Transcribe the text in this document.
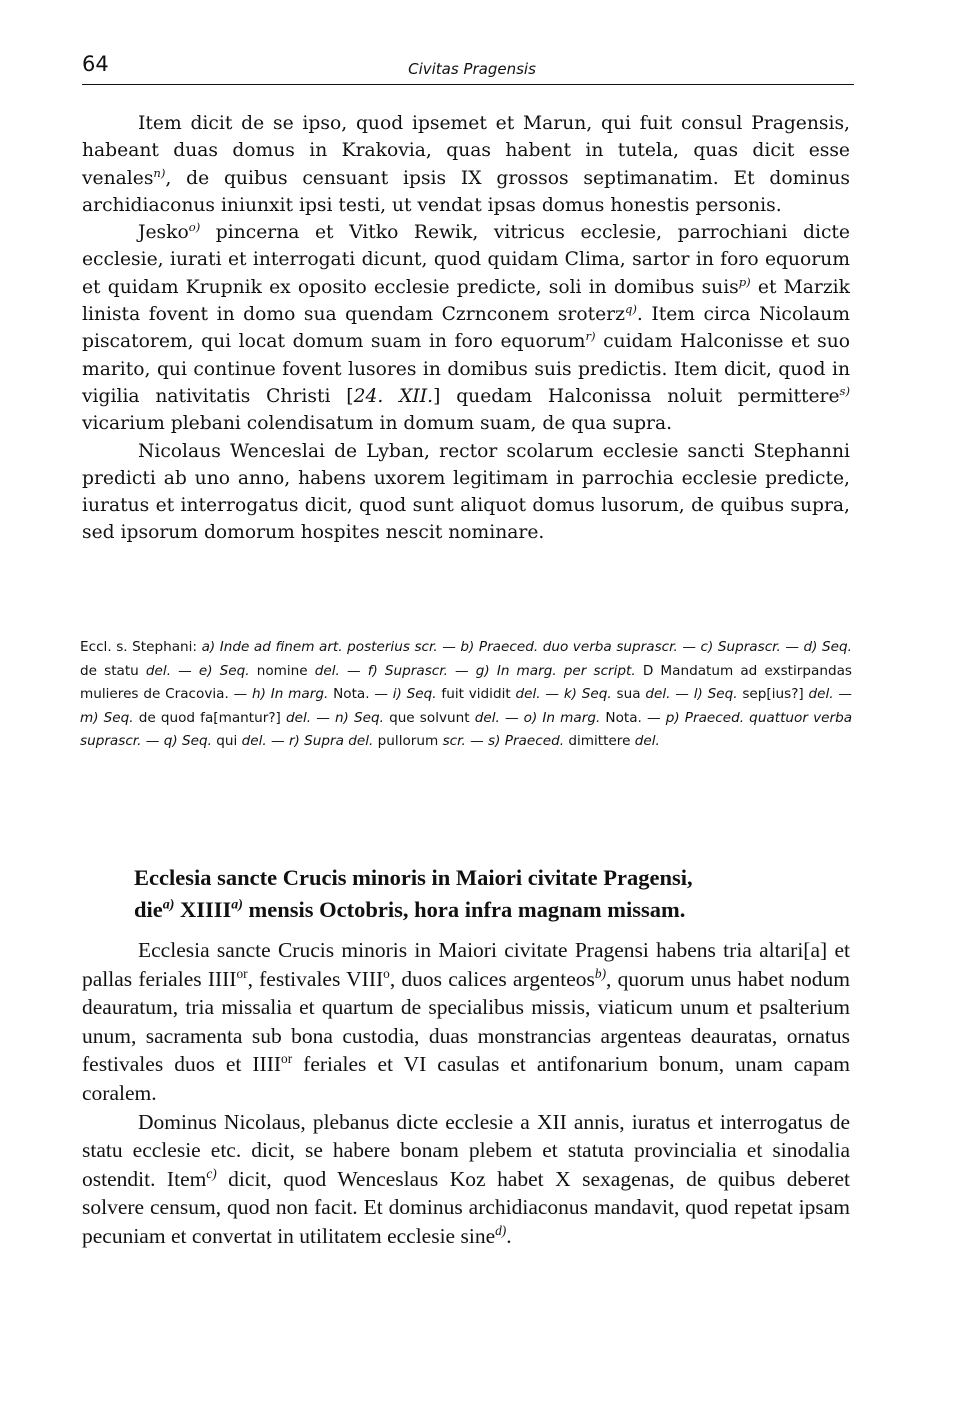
64	Civitas Pragensis

Item dicit de se ipso, quod ipsemet et Marun, qui fuit consul Pragensis, habeant duas domus in Krakovia, quas habent in tutela, quas dicit esse venales$^{n)}$, de quibus censuant ipsis IX grossos septimanatim. Et dominus archidiaconus iniunxit ipsi testi, ut vendat ipsas domus honestis personis.

Jesko$^{o)}$ pincerna et Vitko Rewik, vitricus ecclesie, parrochiani dicte ecclesie, iurati et interrogati dicunt, quod quidam Clima, sartor in foro equorum et quidam Krupnik ex oposito ecclesie predicte, soli in domibus suis$^{p)}$ et Marzik linista fovent in domo sua quendam Czrnconem sroterz$^{q)}$. Item circa Nicolaum piscatorem, qui locat domum suam in foro equorum$^{r)}$ cuidam Halconisse et suo marito, qui continue fovent lusores in domibus suis predictis. Item dicit, quod in vigilia nativitatis Christi [24. XII.] quedam Halconissa noluit permittere$^{s)}$ vicarium plebani colendisatum in domum suam, de qua supra.

Nicolaus Wenceslai de Lyban, rector scolarum ecclesie sancti Stephanni predicti ab uno anno, habens uxorem legitimam in parrochia ecclesie predicte, iuratus et interrogatus dicit, quod sunt aliquot domus lusorum, de quibus supra, sed ipsorum domorum hospites nescit nominare.

Eccl. s. Stephani: a) Inde ad finem art. posterius scr. — b) Praeced. duo verba suprascr. — c) Suprascr. — d) Seq. de statu del. — e) Seq. nomine del. — f) Suprascr. — g) In marg. per script. D Mandatum ad exstirpandas mulieres de Cracovia. — h) In marg. Nota. — i) Seq. fuit vididit del. — k) Seq. sua del. — l) Seq. sep[ius?] del. — m) Seq. de quod fa[mantur?] del. — n) Seq. que solvunt del. — o) In marg. Nota. — p) Praeced. quattuor verba suprascr. — q) Seq. qui del. — r) Supra del. pullorum scr. — s) Praeced. dimittere del.

Ecclesia sancte Crucis minoris in Maiori civitate Pragensi,
die$^{a)}$ XIIII$^{a)}$ mensis Octobris, hora infra magnam missam.

Ecclesia sancte Crucis minoris in Maiori civitate Pragensi habens tria altari[a] et pallas feriales $IIII^{or}$, festivales VIII$^o$, duos calices argenteos$^{b)}$, quorum unus habet nodum deauratum, tria missalia et quartum de specialibus missis, viaticum unum et psalterium unum, sacramenta sub bona custodia, duas monstrancias argenteas deauratas, ornatus festivales duos et $IIII^{or}$ feriales et VI casulas et antifonarium bonum, unam capam coralem.

Dominus Nicolaus, plebanus dicte ecclesie a XII annis, iuratus et interrogatus de statu ecclesie etc. dicit, se habere bonam plebem et statuta provincialia et sinodalia ostendit. Item$^{c)}$ dicit, quod Wenceslaus Koz habet X sexagenas, de quibus deberet solvere censum, quod non facit. Et dominus archidiaconus mandavit, quod repetat ipsam pecuniam et convertat in utilitatem ecclesie sine$^{d)}$.
